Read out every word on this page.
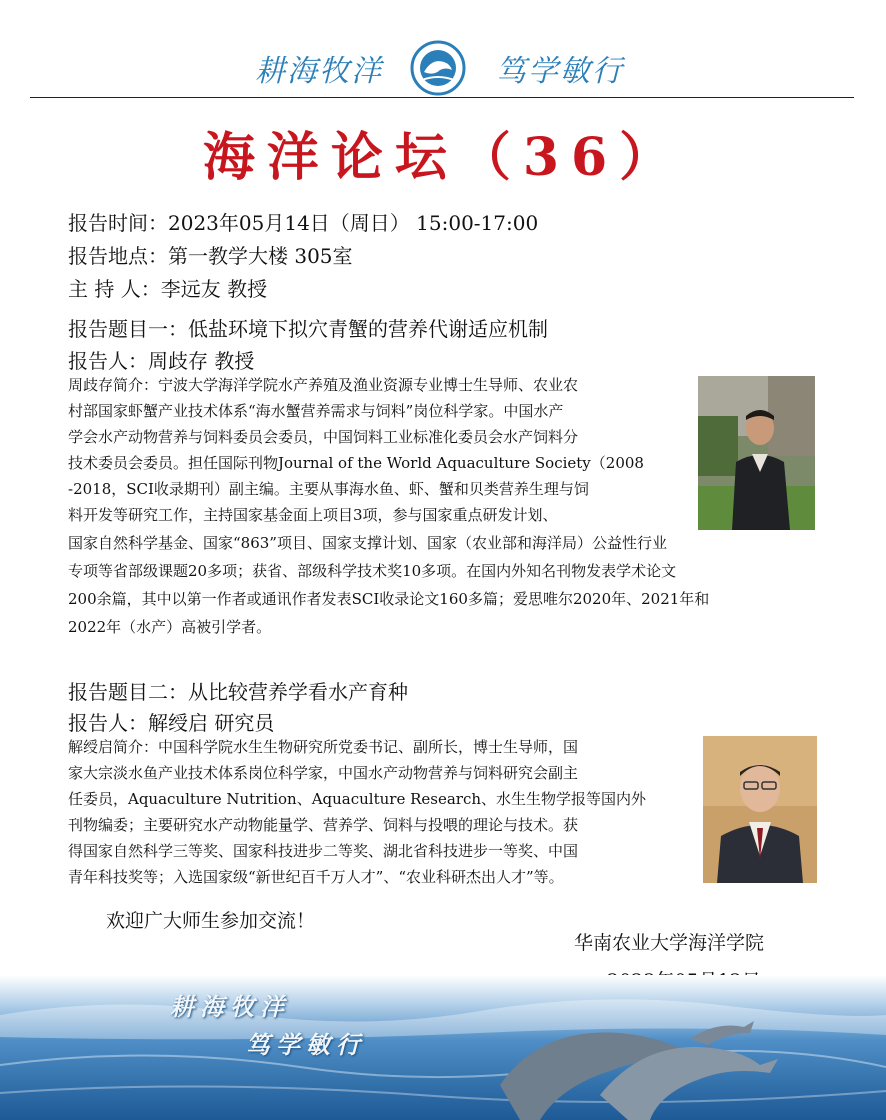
耕海牧洋	笃学敏行
海洋论坛（36）
报告时间：2023年05月14日（周日） 15:00-17:00
报告地点：第一教学大楼 305室
主 持 人：李远友 教授
报告题目一：低盐环境下拟穴青蟹的营养代谢适应机制
报告人：周歧存 教授
周歧存简介：宁波大学海洋学院水产养殖及渔业资源专业博士生导师、农业农
村部国家虾蟹产业技术体系“海水蟹营养需求与饲料”岗位科学家。中国水产
学会水产动物营养与饲料委员会委员，中国饲料工业标准化委员会水产饲料分
技术委员会委员。担任国际刊物Journal of the World Aquaculture Society（2008
-2018，SCI收录期刊）副主编。主要从事海水鱼、虾、蟹和贝类营养生理与饲
料开发等研究工作，主持国家基金面上项目3项，参与国家重点研发计划、
国家自然科学基金、国家“863”项目、国家支撑计划、国家（农业部和海洋局）公益性行业
专项等省部级课题20多项；获省、部级科学技术奖10多项。在国内外知名刊物发表学术论文
200余篇，其中以第一作者或通讯作者发表SCI收录论文160多篇；爱思唯尔2020年、2021年和
2022年（水产）高被引学者。
报告题目二：从比较营养学看水产育种
报告人：解绶启 研究员
解绶启简介：中国科学院水生生物研究所党委书记、副所长，博士生导师，国
家大宗淡水鱼产业技术体系岗位科学家，中国水产动物营养与饲料研究会副主
任委员，Aquaculture Nutrition、Aquaculture Research、水生生物学报等国内外
刊物编委；主要研究水产动物能量学、营养学、饲料与投喂的理论与技术。获
得国家自然科学三等奖、国家科技进步二等奖、湖北省科技进步一等奖、中国
青年科技奖等；入选国家级“新世纪百千万人才”、“农业科研杰出人才”等。
欢迎广大师生参加交流！
华南农业大学海洋学院
耕海牧洋
笃学敏行
